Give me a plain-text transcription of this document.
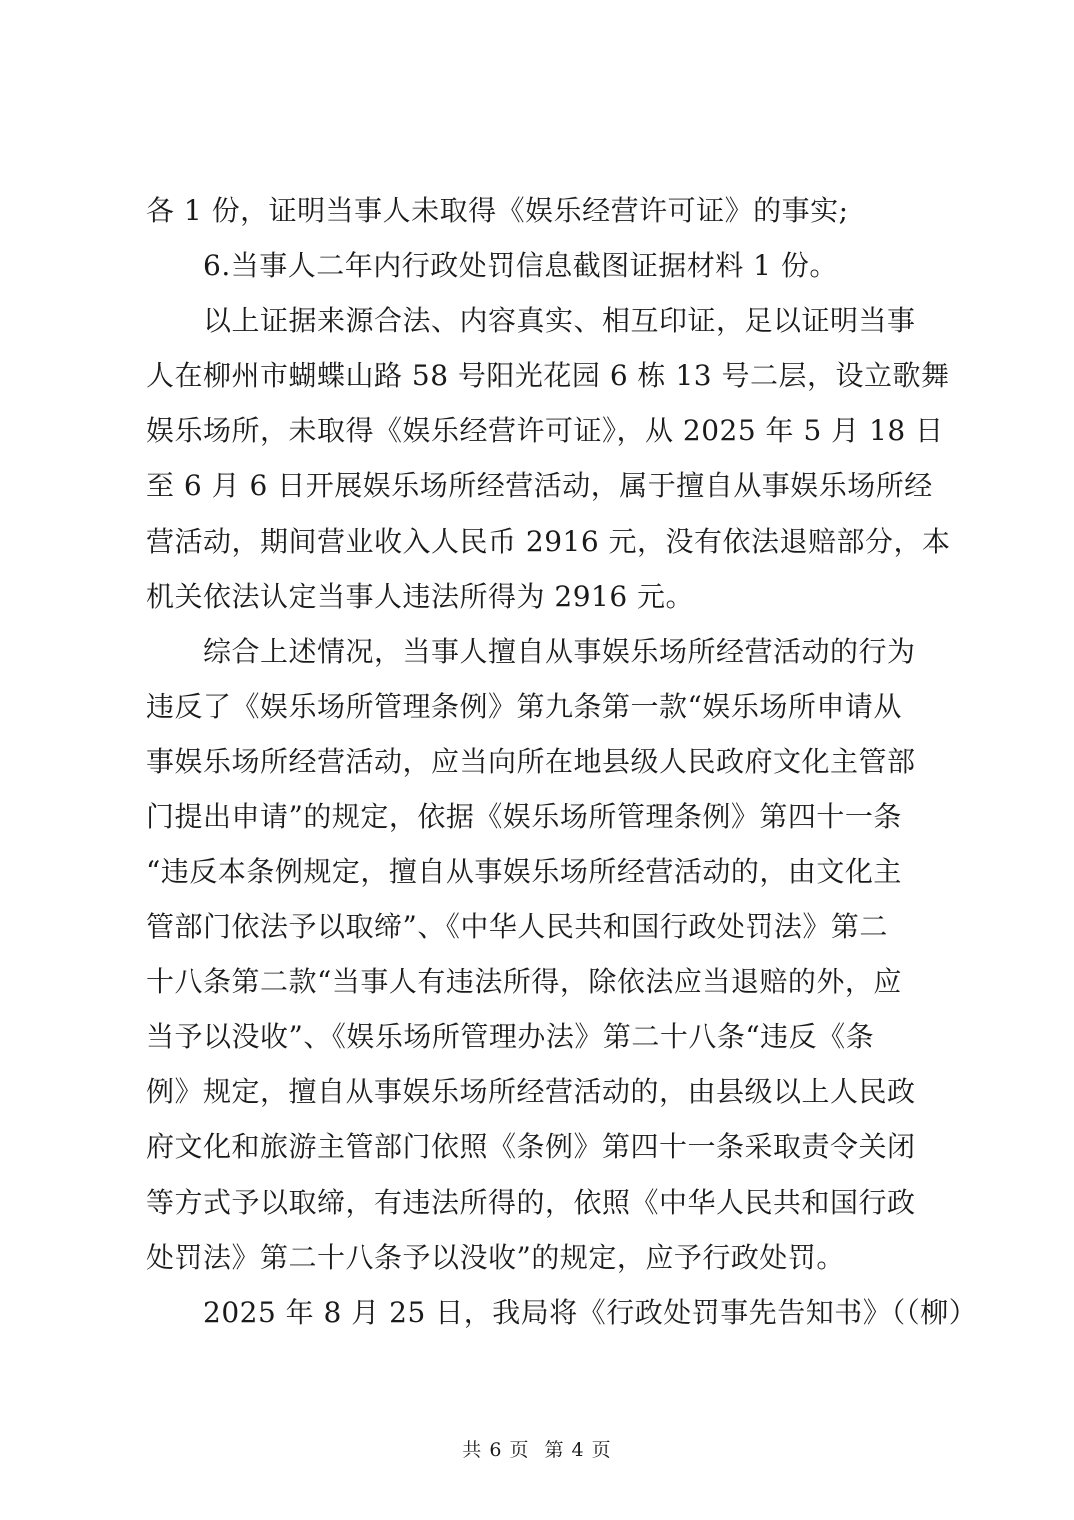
各 1 份，证明当事人未取得《娱乐经营许可证》的事实;
　　6.当事人二年内行政处罚信息截图证据材料 1 份。
　　以上证据来源合法、内容真实、相互印证，足以证明当事
人在柳州市蝴蝶山路 58 号阳光花园 6 栋 13 号二层，设立歌舞
娱乐场所，未取得《娱乐经营许可证》，从 2025 年 5 月 18 日
至 6 月 6 日开展娱乐场所经营活动，属于擅自从事娱乐场所经
营活动，期间营业收入人民币 2916 元，没有依法退赔部分，本
机关依法认定当事人违法所得为 2916 元。
　　综合上述情况，当事人擅自从事娱乐场所经营活动的行为
违反了《娱乐场所管理条例》第九条第一款“娱乐场所申请从
事娱乐场所经营活动，应当向所在地县级人民政府文化主管部
门提出申请”的规定，依据《娱乐场所管理条例》第四十一条
“违反本条例规定，擅自从事娱乐场所经营活动的，由文化主
管部门依法予以取缔”、《中华人民共和国行政处罚法》第二
十八条第二款“当事人有违法所得，除依法应当退赔的外，应
当予以没收”、《娱乐场所管理办法》第二十八条“违反《条
例》规定，擅自从事娱乐场所经营活动的，由县级以上人民政
府文化和旅游主管部门依照《条例》第四十一条采取责令关闭
等方式予以取缔，有违法所得的，依照《中华人民共和国行政
处罚法》第二十八条予以没收”的规定，应予行政处罚。
　　2025 年 8 月 25 日，我局将《行政处罚事先告知书》（（柳）
共 6 页 第 4 页
